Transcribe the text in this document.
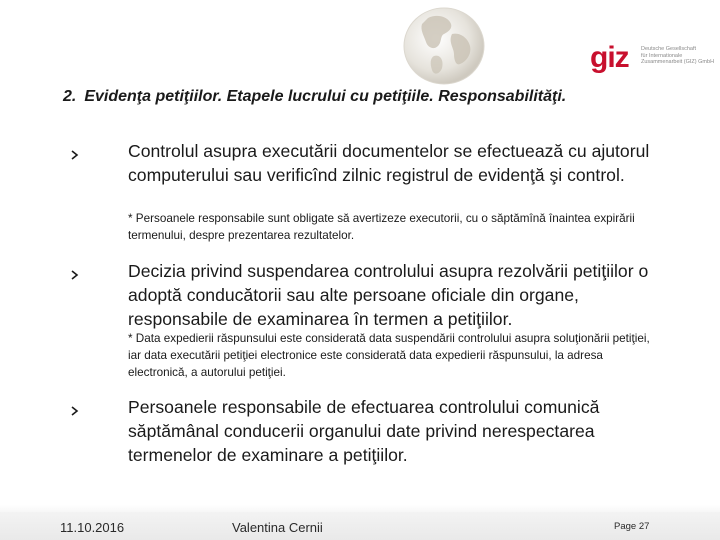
giz Deutsche Gesellschaft
für Internationale
Zusammenarbeit (GIZ) GmbH
2. Evidenţa petiţiilor. Etapele lucrului cu petiţiile. Responsabilităţi.
Controlul asupra executării documentelor se efectuează cu ajutorul computerului sau verificînd zilnic registrul de evidenţă şi control.
* Persoanele responsabile sunt obligate să avertizeze executorii, cu o săptămînă înaintea expirării termenului, despre prezentarea rezultatelor.
Decizia privind suspendarea controlului asupra rezolvării petiţiilor o adoptă conducătorii sau alte persoane oficiale din organe, responsabile de examinarea în termen a petiţiilor.
* Data expedierii răspunsului este considerată data suspendării controlului asupra soluţionării petiţiei, iar data executării petiţiei electronice este considerată data expedierii răspunsului, la adresa electronică, a autorului petiţiei.
Persoanele responsabile de efectuarea controlului comunică săptămânal conducerii organului date privind nerespectarea termenelor de examinare a petiţiilor.
11.10.2016	Valentina Cernii	Page 27
